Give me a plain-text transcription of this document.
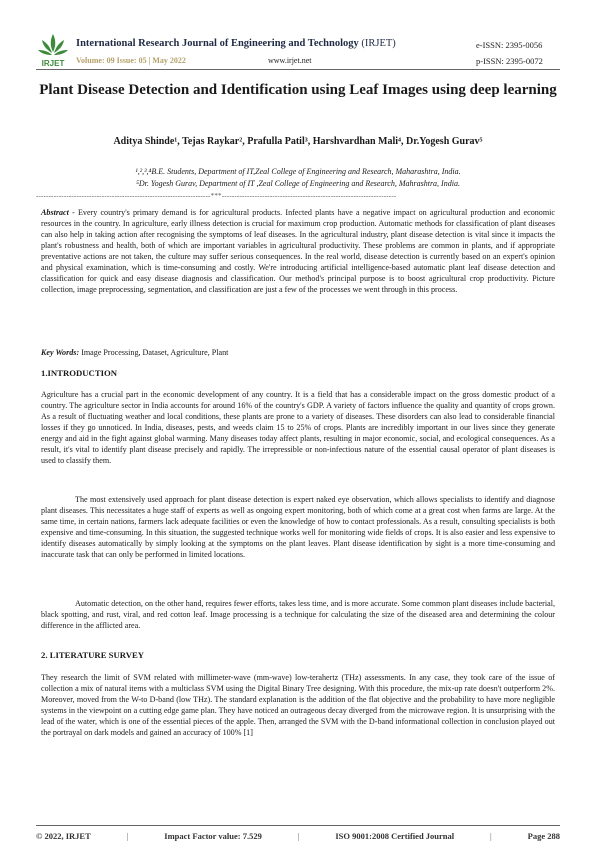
IRJET
International Research Journal of Engineering and Technology (IRJET)
Volume: 09 Issue: 05 | May 2022	www.irjet.net
e-ISSN: 2395-0056
p-ISSN: 2395-0072
Plant Disease Detection and Identification using Leaf Images using deep learning
Aditya Shinde¹, Tejas Raykar², Prafulla Patil³, Harshvardhan Mali⁴, Dr.Yogesh Gurav⁵
¹,²,³,⁴B.E. Students, Department of IT,Zeal College of Engineering and Research, Maharashtra, India.
⁵Dr. Yogesh Gurav, Department of IT ,Zeal College of Engineering and Research, Mahrashtra, India.
---------------------------------------------------------------------***---------------------------------------------------------------------
Abstract - Every country's primary demand is for agricultural products. Infected plants have a negative impact on agricultural production and economic resources in the country. In agriculture, early illness detection is crucial for maximum crop production. Automatic methods for classification of plant diseases can also help in taking action after recognising the symptoms of leaf diseases. In the agricultural industry, plant disease detection is vital since it impacts the plant's robustness and health, both of which are important variables in agricultural productivity. These problems are common in plants, and if appropriate preventative actions are not taken, the culture may suffer serious consequences. In the real world, disease detection is currently based on an expert's opinion and physical examination, which is time-consuming and costly. We're introducing artificial intelligence-based automatic plant leaf disease detection and classification for quick and easy disease diagnosis and classification. Our method's principal purpose is to boost agricultural crop productivity. Picture collection, image preprocessing, segmentation, and classification are just a few of the processes we went through in this process.
Key Words: Image Processing, Dataset, Agriculture, Plant
1.INTRODUCTION
Agriculture has a crucial part in the economic development of any country. It is a field that has a considerable impact on the gross domestic product of a country. The agriculture sector in India accounts for around 16% of the country's GDP. A variety of factors influence the quality and quantity of crops grown. As a result of fluctuating weather and local conditions, these plants are prone to a variety of diseases. These disorders can also lead to considerable financial losses if they go unnoticed. In India, diseases, pests, and weeds claim 15 to 25% of crops. Plants are incredibly important in our lives since they generate energy and aid in the fight against global warming. Many diseases today affect plants, resulting in major economic, social, and ecological consequences. As a result, it's vital to identify plant disease precisely and rapidly. The irrepressible or non-infectious nature of the essential causal operator of plant diseases is used to classify them.
The most extensively used approach for plant disease detection is expert naked eye observation, which allows specialists to identify and diagnose plant diseases. This necessitates a huge staff of experts as well as ongoing expert monitoring, both of which come at a great cost when farms are large. At the same time, in certain nations, farmers lack adequate facilities or even the knowledge of how to contact professionals. As a result, consulting specialists is both expensive and time-consuming. In this situation, the suggested technique works well for monitoring wide fields of crops. It is also easier and less expensive to identify diseases automatically by simply looking at the symptoms on the plant leaves. Plant disease identification by sight is a more time-consuming and inaccurate task that can only be performed in limited locations.
Automatic detection, on the other hand, requires fewer efforts, takes less time, and is more accurate. Some common plant diseases include bacterial, black spotting, and rust, viral, and red cotton leaf. Image processing is a technique for calculating the size of the diseased area and determining the colour difference in the afflicted area.
2. LITERATURE SURVEY
They research the limit of SVM related with millimeter-wave (mm-wave) low-terahertz (THz) assessments. In any case, they took care of the issue of collection a mix of natural items with a multiclass SVM using the Digital Binary Tree designing. With this procedure, the mix-up rate doesn't outperform 2%. Moreover, moved from the W-to D-band (low THz). The standard explanation is the addition of the flat objective and the probability to have more negligible systems in the viewpoint on a cutting edge game plan. They have noticed an outrageous decay diverged from the microwave region. It is unsurprising with the lead of the water, which is one of the essential pieces of the apple. Then, arranged the SVM with the D-band informational collection in conclusion played out the portrayal on dark models and gained an accuracy of 100% [1]
© 2022, IRJET	|	Impact Factor value: 7.529	|	ISO 9001:2008 Certified Journal	|	Page 288
